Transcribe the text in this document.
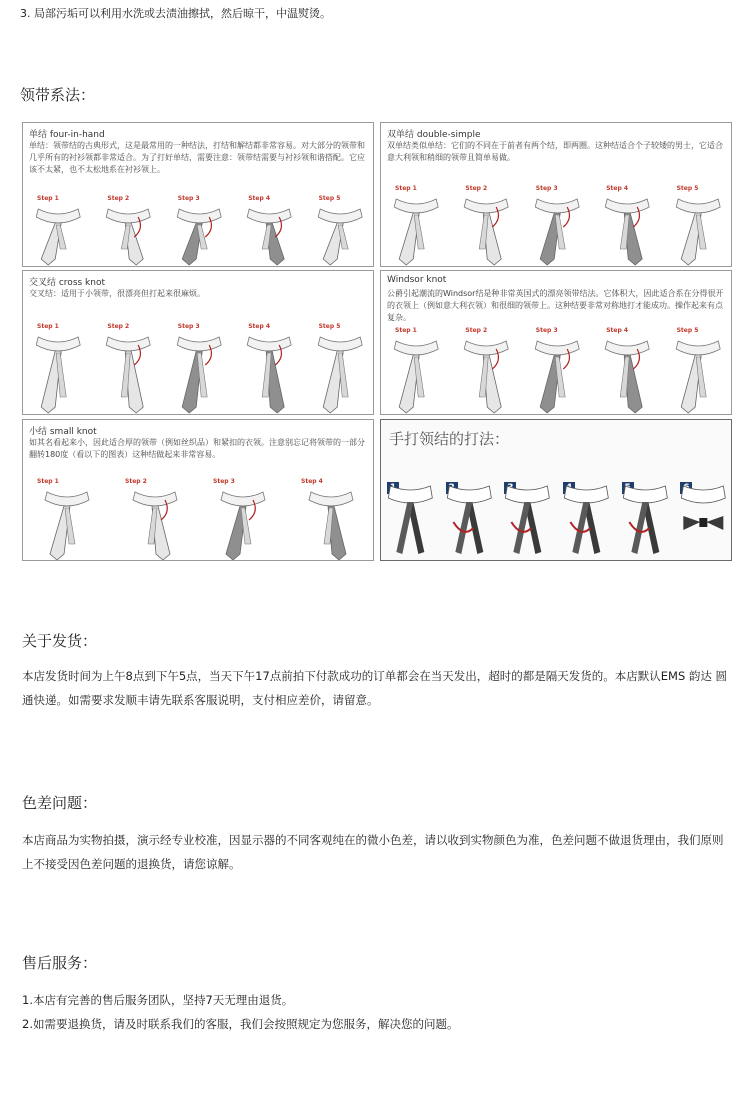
3. 局部污垢可以利用水洗或去渍油擦拭，然后晾干，中温熨烫。
领带系法：
单结 four-in-hand
单结：领带结的古典形式，这是最常用的一种结法，打结和解结都非常容易。对大部分的领带和几乎所有的衬衫领都非常适合。为了打好单结，需要注意：领带结需要与衬衫领和谐搭配。它应该不太紧，也不太松地系在衬衫领上。
Step 1	Step 2	Step 3	Step 4	Step 5
双单结 double-simple
双单结类似单结：它们的不同在于前者有两个结，即两圈。这种结适合个子较矮的男士，它适合意大利领和稍细的领带且简单易做。
Step 1	Step 2	Step 3	Step 4	Step 5
交叉结 cross knot
交叉结：适用于小领带，很漂亮但打起来很麻烦。
Step 1	Step 2	Step 3	Step 4	Step 5
Windsor knot
公爵引起潮流的Windsor结是种非常英国式的漂亮领带结法。它体积大，因此适合系在分得很开的衣领上（例如意大利衣领）和很细的领带上。这种结要非常对称地打才能成功。操作起来有点复杂。
Step 1	Step 2	Step 3	Step 4	Step 5
小结 small knot
如其名看起来小，因此适合厚的领带（例如丝织品）和紧扣的衣领。注意别忘记将领带的一部分翻转180度（看以下的图表）这种结做起来非常容易。
Step 1	Step 2	Step 3	Step 4
手打领结的打法：
关于发货：
本店发货时间为上午8点到下午5点，当天下午17点前拍下付款成功的订单都会在当天发出，超时的都是隔天发货的。本店默认EMS 韵达 圆通快递。如需要求发顺丰请先联系客服说明，支付相应差价，请留意。
色差问题：
本店商品为实物拍摄，演示经专业校准，因显示器的不同客观纯在的微小色差，请以收到实物颜色为准，色差问题不做退货理由，我们原则上不接受因色差问题的退换货，请您谅解。
售后服务：
1.本店有完善的售后服务团队，坚持7天无理由退货。
2.如需要退换货，请及时联系我们的客服，我们会按照规定为您服务，解决您的问题。
